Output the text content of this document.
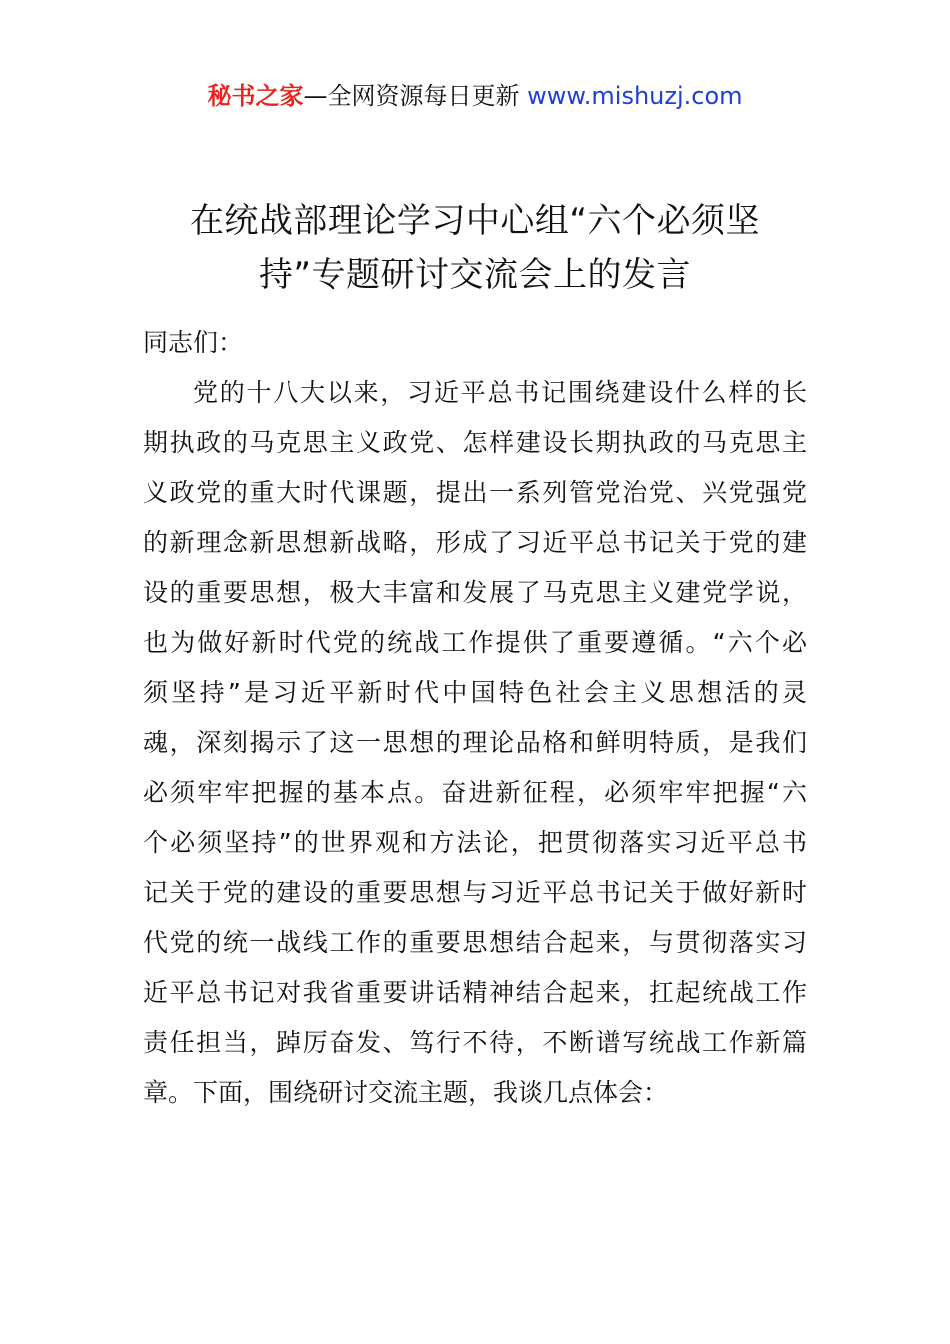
秘书之家—全网资源每日更新 www.mishuzj.com
在统战部理论学习中心组“六个必须坚
持”专题研讨交流会上的发言

同志们：

党的十八大以来，习近平总书记围绕建设什么样的长
期执政的马克思主义政党、怎样建设长期执政的马克思主
义政党的重大时代课题，提出一系列管党治党、兴党强党
的新理念新思想新战略，形成了习近平总书记关于党的建
设的重要思想，极大丰富和发展了马克思主义建党学说，
也为做好新时代党的统战工作提供了重要遵循。“六个必
须坚持”是习近平新时代中国特色社会主义思想活的灵
魂，深刻揭示了这一思想的理论品格和鲜明特质，是我们
必须牢牢把握的基本点。奋进新征程，必须牢牢把握“六
个必须坚持”的世界观和方法论，把贯彻落实习近平总书
记关于党的建设的重要思想与习近平总书记关于做好新时
代党的统一战线工作的重要思想结合起来，与贯彻落实习
近平总书记对我省重要讲话精神结合起来，扛起统战工作
责任担当，踔厉奋发、笃行不待，不断谱写统战工作新篇
章。下面，围绕研讨交流主题，我谈几点体会：
